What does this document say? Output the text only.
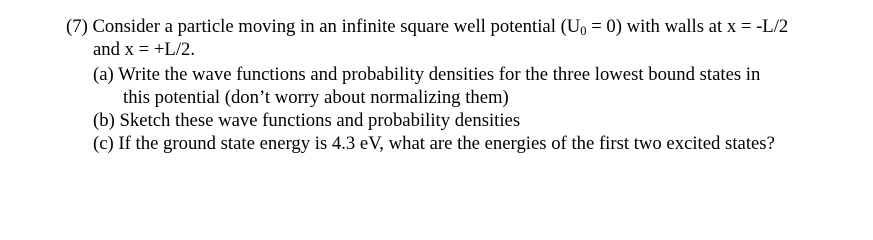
(7) Consider a particle moving in an infinite square well potential $(U_0 = 0)$ with walls at x = -L/2
and x = +L/2.
(a) Write the wave functions and probability densities for the three lowest bound states in
this potential (don’t worry about normalizing them)
(b) Sketch these wave functions and probability densities
(c) If the ground state energy is 4.3 eV, what are the energies of the first two excited states?
